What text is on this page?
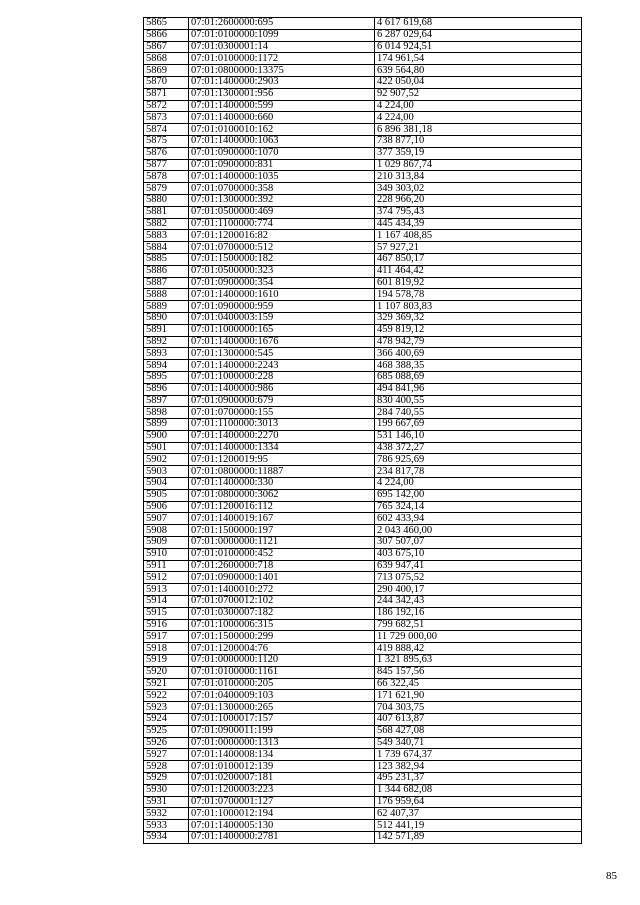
5865	07:01:2600000:695	4 617 619,68
5866	07:01:0100000:1099	6 287 029,64
5867	07:01:0300001:14	6 014 924,51
5868	07:01:0100000:1172	174 961,54
5869	07:01:0800000:13375	639 564,80
5870	07:01:1400000:2903	422 050,04
5871	07:01:1300001:956	92 907,52
5872	07:01:1400000:599	4 224,00
5873	07:01:1400000:660	4 224,00
5874	07:01:0100010:162	6 896 381,18
5875	07:01:1400000:1063	738 877,10
5876	07:01:0900000:1070	377 359,19
5877	07:01:0900000:831	1 029 867,74
5878	07:01:1400000:1035	210 313,84
5879	07:01:0700000:358	349 303,02
5880	07:01:1300000:392	228 966,20
5881	07:01:0500000:469	374 795,43
5882	07:01:1100000:774	445 434,39
5883	07:01:1200016:82	1 167 408,85
5884	07:01:0700000:512	57 927,21
5885	07:01:1500000:182	467 850,17
5886	07:01:0500000:323	411 464,42
5887	07:01:0900000:354	601 819,92
5888	07:01:1400000:1610	194 578,78
5889	07:01:0900000:959	1 107 803,83
5890	07:01:0400003:159	329 369,32
5891	07:01:1000000:165	459 819,12
5892	07:01:1400000:1676	478 942,79
5893	07:01:1300000:545	366 400,69
5894	07:01:1400000:2243	468 388,35
5895	07:01:1000000:228	685 088,69
5896	07:01:1400000:986	494 841,96
5897	07:01:0900000:679	830 400,55
5898	07:01:0700000:155	284 740,55
5899	07:01:1100000:3013	199 667,69
5900	07:01:1400000:2270	531 146,10
5901	07:01:1400000:1334	438 372,27
5902	07:01:1200019:95	786 925,69
5903	07:01:0800000:11887	234 817,78
5904	07:01:1400000:330	4 224,00
5905	07:01:0800000:3062	695 142,00
5906	07:01:1200016:112	765 324,14
5907	07:01:1400019:167	602 433,94
5908	07:01:1500000:197	2 043 460,00
5909	07:01:0000000:1121	307 507,07
5910	07:01:0100000:452	403 675,10
5911	07:01:2600000:718	639 947,41
5912	07:01:0900000:1401	713 075,52
5913	07:01:1400010:272	290 400,17
5914	07:01:0700012:102	244 342,43
5915	07:01:0300007:182	186 192,16
5916	07:01:1000006:315	799 682,51
5917	07:01:1500000:299	11 729 000,00
5918	07:01:1200004:76	419 888,42
5919	07:01:0000000:1120	1 321 895,63
5920	07:01:0100000:1161	845 157,56
5921	07:01:0100000:205	66 322,45
5922	07:01:0400009:103	171 621,90
5923	07:01:1300000:265	704 303,75
5924	07:01:1000017:157	407 613,87
5925	07:01:0900011:199	568 427,08
5926	07:01:0000000:1313	549 340,71
5927	07:01:1400008:134	1 739 674,37
5928	07:01:0100012:139	123 382,94
5929	07:01:0200007:181	495 231,37
5930	07:01:1200003:223	1 344 682,08
5931	07:01:0700001:127	176 959,64
5932	07:01:1000012:194	62 407,37
5933	07:01:1400005:130	512 441,19
5934	07:01:1400000:2781	142 571,89
85
